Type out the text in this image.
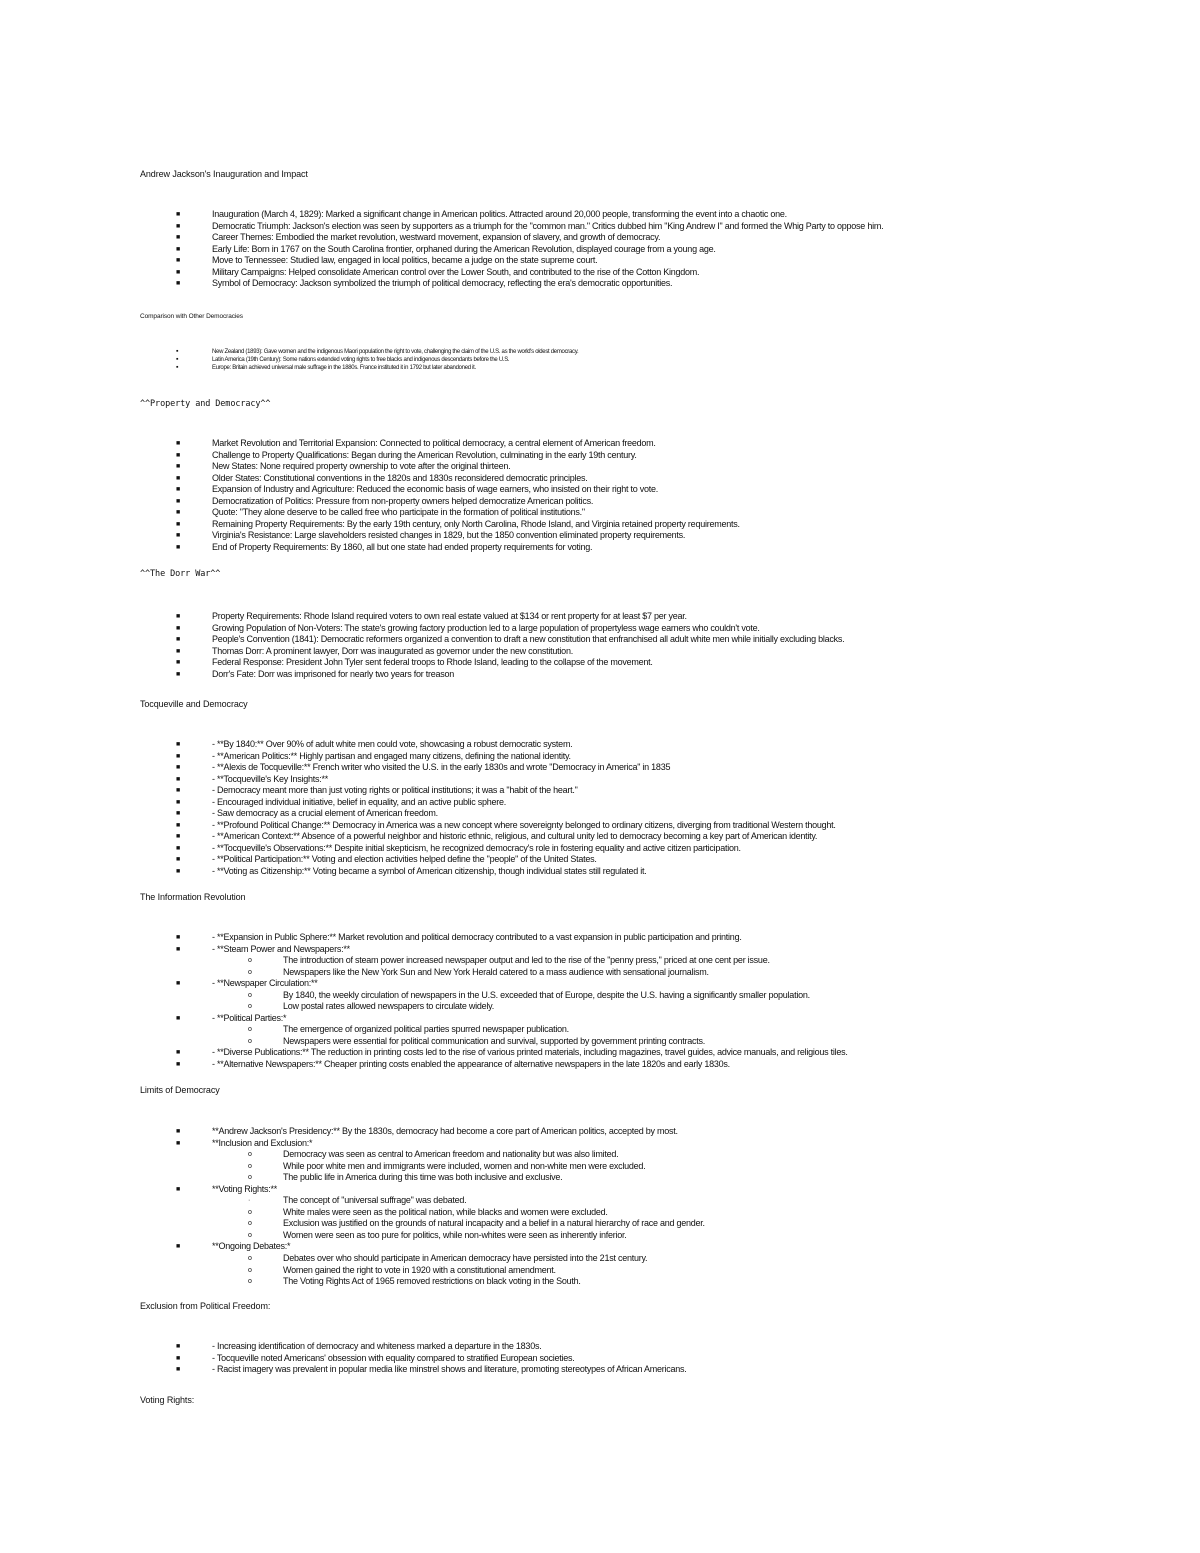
Andrew Jackson's Inauguration and Impact
■	Inauguration (March 4, 1829): Marked a significant change in American politics. Attracted around 20,000 people, transforming the event into a chaotic one.
■	Democratic Triumph: Jackson's election was seen by supporters as a triumph for the "common man." Critics dubbed him "King Andrew I" and formed the Whig Party to oppose him.
■	Career Themes: Embodied the market revolution, westward movement, expansion of slavery, and growth of democracy.
■	Early Life: Born in 1767 on the South Carolina frontier, orphaned during the American Revolution, displayed courage from a young age.
■	Move to Tennessee: Studied law, engaged in local politics, became a judge on the state supreme court.
■	Military Campaigns: Helped consolidate American control over the Lower South, and contributed to the rise of the Cotton Kingdom.
■	Symbol of Democracy: Jackson symbolized the triumph of political democracy, reflecting the era's democratic opportunities.
Comparison with Other Democracies
▪	New Zealand (1893): Gave women and the indigenous Maori population the right to vote, challenging the claim of the U.S. as the world's oldest democracy.
▪	Latin America (19th Century): Some nations extended voting rights to free blacks and indigenous descendants before the U.S.
▪	Europe: Britain achieved universal male suffrage in the 1880s. France instituted it in 1792 but later abandoned it.
^^Property and Democracy^^
■	Market Revolution and Territorial Expansion: Connected to political democracy, a central element of American freedom.
■	Challenge to Property Qualifications: Began during the American Revolution, culminating in the early 19th century.
■	New States: None required property ownership to vote after the original thirteen.
■	Older States: Constitutional conventions in the 1820s and 1830s reconsidered democratic principles.
■	Expansion of Industry and Agriculture: Reduced the economic basis of wage earners, who insisted on their right to vote.
■	Democratization of Politics: Pressure from non-property owners helped democratize American politics.
■	Quote: "They alone deserve to be called free who participate in the formation of political institutions."
■	Remaining Property Requirements: By the early 19th century, only North Carolina, Rhode Island, and Virginia retained property requirements.
■	Virginia's Resistance: Large slaveholders resisted changes in 1829, but the 1850 convention eliminated property requirements.
■	End of Property Requirements: By 1860, all but one state had ended property requirements for voting.
^^The Dorr War^^
■	Property Requirements: Rhode Island required voters to own real estate valued at $134 or rent property for at least $7 per year.
■	Growing Population of Non-Voters: The state's growing factory production led to a large population of propertyless wage earners who couldn't vote.
■	People's Convention (1841): Democratic reformers organized a convention to draft a new constitution that enfranchised all adult white men while initially excluding blacks.
■	Thomas Dorr: A prominent lawyer, Dorr was inaugurated as governor under the new constitution.
■	Federal Response: President John Tyler sent federal troops to Rhode Island, leading to the collapse of the movement.
■	Dorr's Fate: Dorr was imprisoned for nearly two years for treason
Tocqueville and Democracy
■	- **By 1840:** Over 90% of adult white men could vote, showcasing a robust democratic system.
■	- **American Politics:** Highly partisan and engaged many citizens, defining the national identity.
■	- **Alexis de Tocqueville:** French writer who visited the U.S. in the early 1830s and wrote "Democracy in America" in 1835
■	- **Tocqueville's Key Insights:**
■	- Democracy meant more than just voting rights or political institutions; it was a "habit of the heart."
■	- Encouraged individual initiative, belief in equality, and an active public sphere.
■	- Saw democracy as a crucial element of American freedom.
■	- **Profound Political Change:** Democracy in America was a new concept where sovereignty belonged to ordinary citizens, diverging from traditional Western thought.
■	- **American Context:** Absence of a powerful neighbor and historic ethnic, religious, and cultural unity led to democracy becoming a key part of American identity.
■	- **Tocqueville's Observations:** Despite initial skepticism, he recognized democracy's role in fostering equality and active citizen participation.
■	- **Political Participation:** Voting and election activities helped define the "people" of the United States.
■	- **Voting as Citizenship:** Voting became a symbol of American citizenship, though individual states still regulated it.
The Information Revolution
■	- **Expansion in Public Sphere:** Market revolution and political democracy contributed to a vast expansion in public participation and printing.
■	- **Steam Power and Newspapers:**
o	The introduction of steam power increased newspaper output and led to the rise of the "penny press," priced at one cent per issue.
o	Newspapers like the New York Sun and New York Herald catered to a mass audience with sensational journalism.
■	- **Newspaper Circulation:**
o	By 1840, the weekly circulation of newspapers in the U.S. exceeded that of Europe, despite the U.S. having a significantly smaller population.
o	Low postal rates allowed newspapers to circulate widely.
■	- **Political Parties:*
o	The emergence of organized political parties spurred newspaper publication.
o	Newspapers were essential for political communication and survival, supported by government printing contracts.
■	- **Diverse Publications:** The reduction in printing costs led to the rise of various printed materials, including magazines, travel guides, advice manuals, and religious tiles.
■	- **Alternative Newspapers:** Cheaper printing costs enabled the appearance of alternative newspapers in the late 1820s and early 1830s.
Limits of Democracy
■	**Andrew Jackson's Presidency:** By the 1830s, democracy had become a core part of American politics, accepted by most.
■	**Inclusion and Exclusion:*
o	Democracy was seen as central to American freedom and nationality but was also limited.
o	While poor white men and immigrants were included, women and non-white men were excluded.
o	The public life in America during this time was both inclusive and exclusive.
■	**Voting Rights:**
·	The concept of "universal suffrage" was debated.
o	White males were seen as the political nation, while blacks and women were excluded.
o	Exclusion was justified on the grounds of natural incapacity and a belief in a natural hierarchy of race and gender.
o	Women were seen as too pure for politics, while non-whites were seen as inherently inferior.
■	**Ongoing Debates:*
o	Debates over who should participate in American democracy have persisted into the 21st century.
o	Women gained the right to vote in 1920 with a constitutional amendment.
o	The Voting Rights Act of 1965 removed restrictions on black voting in the South.
Exclusion from Political Freedom:
■	- Increasing identification of democracy and whiteness marked a departure in the 1830s.
■	- Tocqueville noted Americans' obsession with equality compared to stratified European societies.
■	- Racist imagery was prevalent in popular media like minstrel shows and literature, promoting stereotypes of African Americans.
Voting Rights:
